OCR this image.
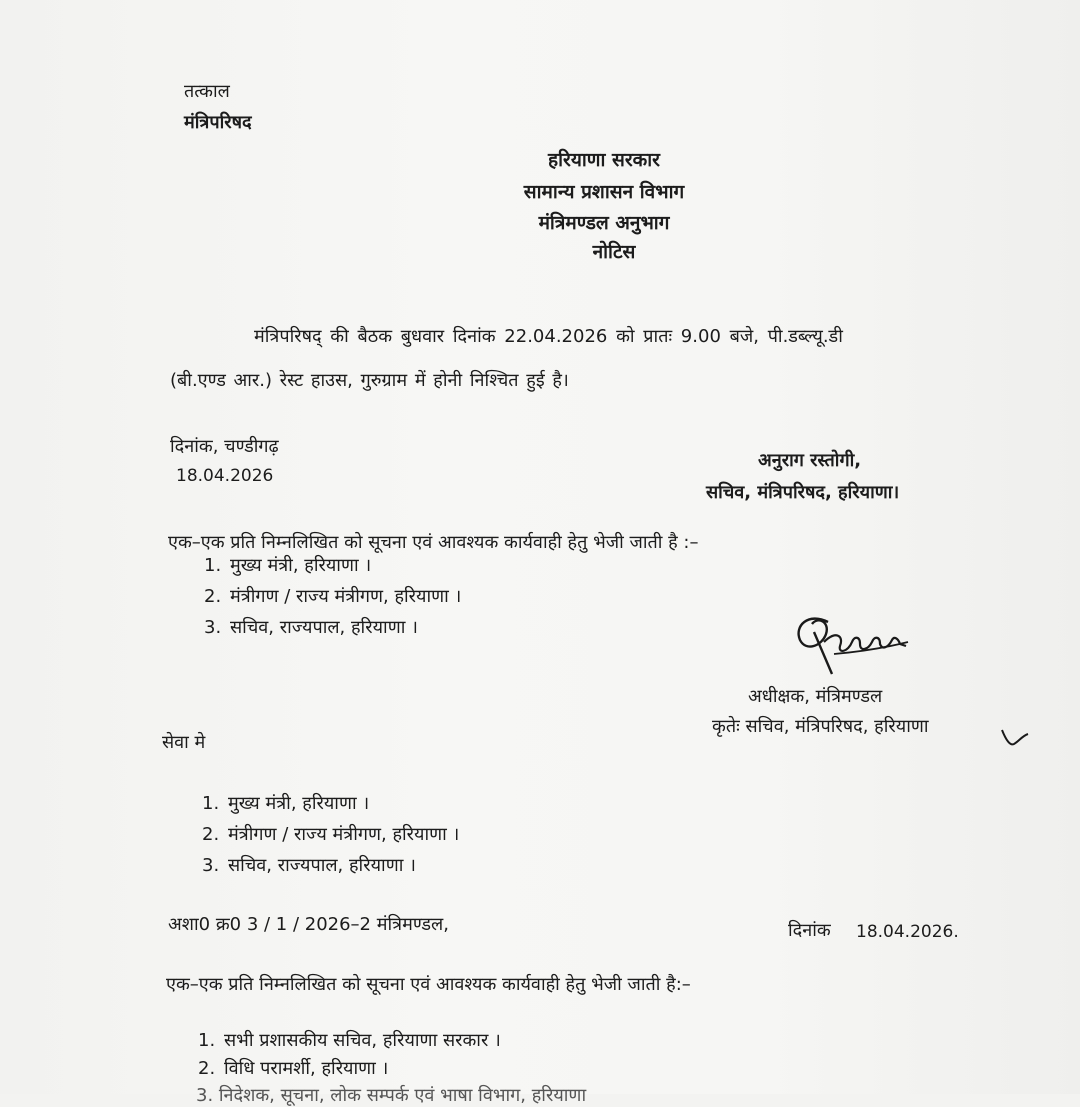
तत्काल
मंत्रिपरिषद
हरियाणा सरकार
सामान्य प्रशासन विभाग
मंत्रिमण्डल अनुभाग
नोटिस
मंत्रिपरिषद् की बैठक बुधवार दिनांक 22.04.2026 को प्रातः 9.00 बजे, पी.डब्ल्यू.डी
(बी.एण्ड आर.) रेस्ट हाउस, गुरुग्राम में होनी निश्चित हुई है।
दिनांक, चण्डीगढ़
18.04.2026
अनुराग रस्तोगी,
सचिव, मंत्रिपरिषद, हरियाणा।
एक–एक प्रति निम्नलिखित को सूचना एवं आवश्यक कार्यवाही हेतु भेजी जाती है :–
1. मुख्य मंत्री, हरियाणा ।
2. मंत्रीगण / राज्य मंत्रीगण, हरियाणा ।
3. सचिव, राज्यपाल, हरियाणा ।
अधीक्षक, मंत्रिमण्डल
कृतेः सचिव, मंत्रिपरिषद, हरियाणा
सेवा मे
1. मुख्य मंत्री, हरियाणा ।
2. मंत्रीगण / राज्य मंत्रीगण, हरियाणा ।
3. सचिव, राज्यपाल, हरियाणा ।
अशा0 क्र0 3 / 1 / 2026–2 मंत्रिमण्डल,	दिनांक 18.04.2026.
एक–एक प्रति निम्नलिखित को सूचना एवं आवश्यक कार्यवाही हेतु भेजी जाती है:–
1. सभी प्रशासकीय सचिव, हरियाणा सरकार ।
2. विधि परामर्शी, हरियाणा ।
3. निदेशक, सूचना, लोक सम्पर्क एवं भाषा विभाग, हरियाणा
